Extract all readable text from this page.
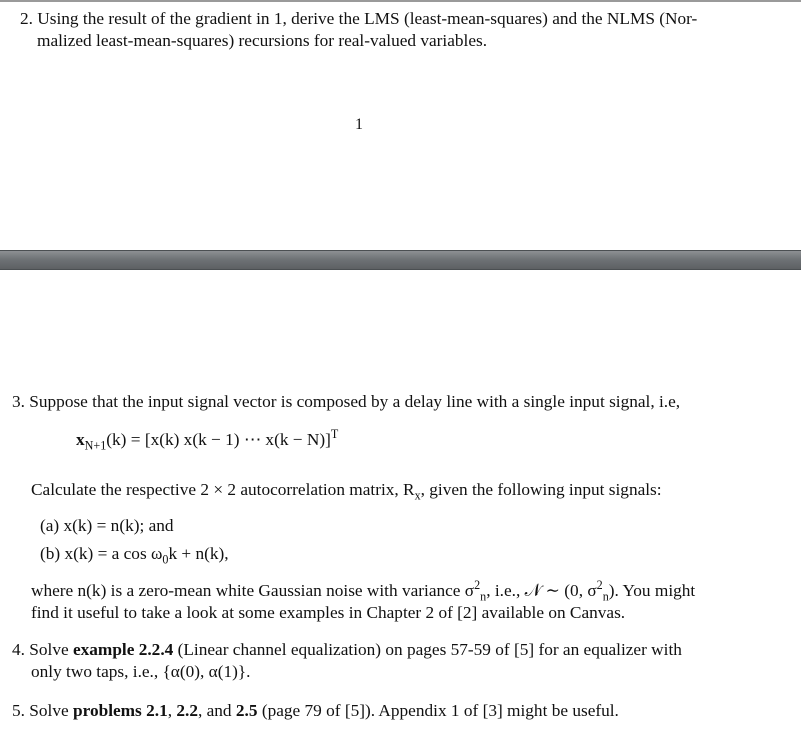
2. Using the result of the gradient in 1, derive the LMS (least-mean-squares) and the NLMS (Nor-
malized least-mean-squares) recursions for real-valued variables.
1
3. Suppose that the input signal vector is composed by a delay line with a single input signal, i.e,
$x_{N+1}(k) = [x(k) x(k - 1)$ ⋯ x(k − N)]$^T$
Calculate the respective 2 × 2 autocorrelation matrix, $R_x$, given the following input signals:
(a) x(k) = n(k); and
(b) x(k) = a $\cos \omega_0k + n(k)$,
where n(k) is a zero-mean white Gaussian noise with variance $\sigma^2_n$, i.e., 𝒩 ∼ (0, $\sigma^2_n$). You might
find it useful to take a look at some examples in Chapter 2 of [2] available on Canvas.
4. Solve example 2.2.4 (Linear channel equalization) on pages 57-59 of [5] for an equalizer with
only two taps, i.e., {α(0), α(1)}.
5. Solve problems 2.1, 2.2, and 2.5 (page 79 of [5]). Appendix 1 of [3] might be useful.
